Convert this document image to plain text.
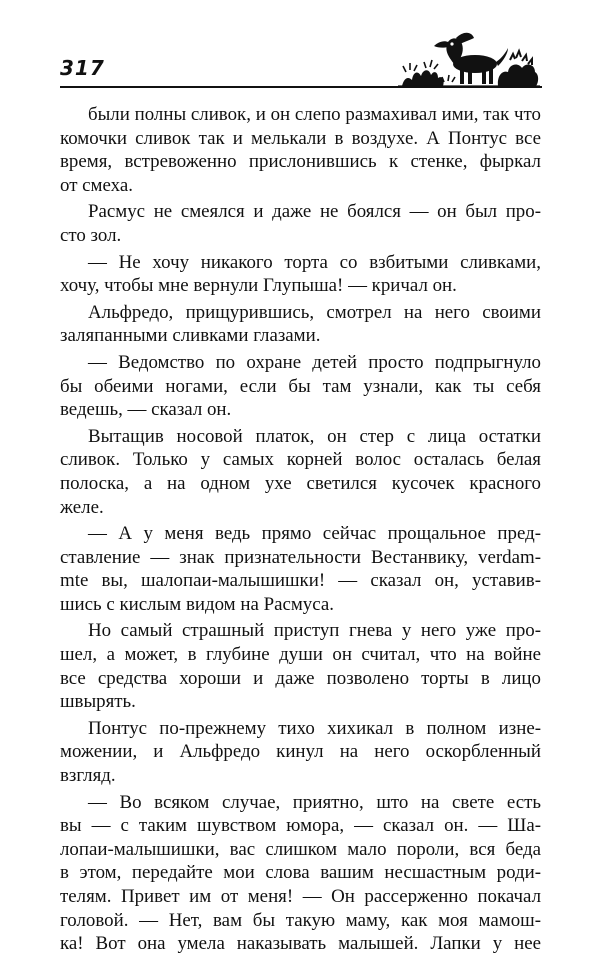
317
были полны сливок, и он слепо размахивал ими, так что
комочки сливок так и мелькали в воздухе. А Понтус все
время, встревоженно прислонившись к стенке, фыркал
от смеха.
Расмус не смеялся и даже не боялся — он был про-
сто зол.
— Не хочу никакого торта со взбитыми сливками,
хочу, чтобы мне вернули Глупыша! — кричал он.
Альфредо, прищурившись, смотрел на него своими
заляпанными сливками глазами.
— Ведомство по охране детей просто подпрыгнуло
бы обеими ногами, если бы там узнали, как ты себя
ведешь, — сказал он.
Вытащив носовой платок, он стер с лица остатки
сливок. Только у самых корней волос осталась белая
полоска, а на одном ухе светился кусочек красного
желе.
— А у меня ведь прямо сейчас прощальное пред-
ставление — знак признательности Вестанвику, verdam-
mte вы, шалопаи-малышишки! — сказал он, уставив-
шись с кислым видом на Расмуса.
Но самый страшный приступ гнева у него уже про-
шел, а может, в глубине души он считал, что на войне
все средства хороши и даже позволено торты в лицо
швырять.
Понтус по-прежнему тихо хихикал в полном изне-
можении, и Альфредо кинул на него оскорбленный
взгляд.
— Во всяком случае, приятно, што на свете есть
вы — с таким шувством юмора, — сказал он. — Ша-
лопаи-малышишки, вас слишком мало пороли, вся беда
в этом, передайте мои слова вашим несшастным роди-
телям. Привет им от меня! — Он рассерженно покачал
головой. — Нет, вам бы такую маму, как моя мамош-
ка! Вот она умела наказывать малышей. Лапки у нее
